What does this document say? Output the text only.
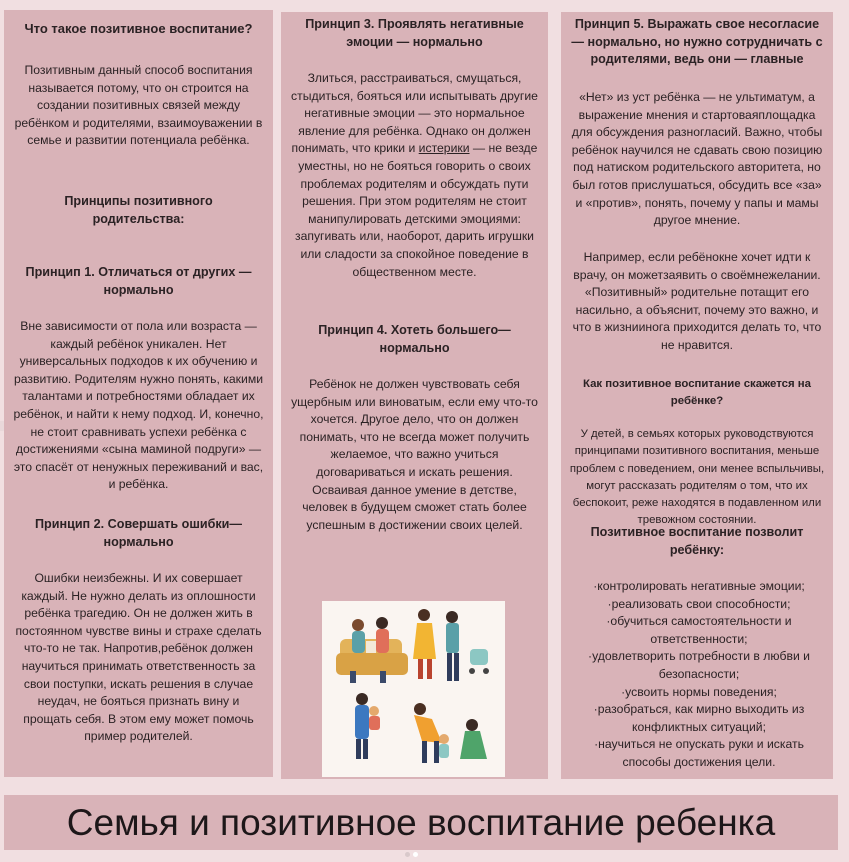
Что такое позитивное воспитание?
Позитивным данный способ воспитания называется потому, что он строится на создании позитивных связей между ребёнком и родителями, взаимоуважении в семье и развитии потенциала ребёнка.
Принципы позитивного родительства:
Принцип 1. Отличаться от других — нормально
Вне зависимости от пола или возраста — каждый ребёнок уникален. Нет универсальных подходов к их обучению и развитию. Родителям нужно понять, какими талантами и потребностями обладает их ребёнок, и найти к нему подход. И, конечно, не стоит сравнивать успехи ребёнка с достижениями «сына маминой подруги» — это спасёт от ненужных переживаний и вас, и ребёнка.
Принцип 2. Совершать ошибки— нормально
Ошибки неизбежны. И их совершает каждый. Не нужно делать из оплошности ребёнка трагедию. Он не должен жить в постоянном чувстве вины и страхе сделать что-то не так. Напротив,ребёнок должен научиться принимать ответственность за свои поступки, искать решения в случае неудач, не бояться признать вину и прощать себя. В этом ему может помочь пример родителей.
Принцип 3. Проявлять негативные эмоции — нормально
Злиться, расстраиваться, смущаться, стыдиться, бояться или испытывать другие негативные эмоции — это нормальное явление для ребёнка. Однако он должен понимать, что крики и истерики — не везде уместны, но не бояться говорить о своих проблемах родителям и обсуждать пути решения. При этом родителям не стоит манипулировать детскими эмоциями: запугивать или, наоборот, дарить игрушки или сладости за спокойное поведение в общественном месте.
Принцип 4. Хотеть большего— нормально
Ребёнок не должен чувствовать себя ущербным или виноватым, если ему что-то хочется. Другое дело, что он должен понимать, что не всегда может получить желаемое, что важно учиться договариваться и искать решения. Осваивая данное умение в детстве, человек в будущем сможет стать более успешным в достижении своих целей.
Принцип 5. Выражать свое несогласие — нормально, но нужно сотрудничать с родителями, ведь они — главные
«Нет» из уст ребёнка — не ультиматум, а выражение мнения и стартоваяплощадка для обсуждения разногласий. Важно, чтобы ребёнок научился не сдавать свою позицию под натиском родительского авторитета, но был готов прислушаться, обсудить все «за» и «против», понять, почему у папы и мамы другое мнение.
Например, если ребёнокне хочет идти к врачу, он можетзаявить о своёмнежелании. «Позитивный» родительне потащит его насильно, а объяснит, почему это важно, и что в жизниинога приходится делать то, что не нравится.
Как позитивное воспитание скажется на ребёнке?
У детей, в семьях которых руководствуются принципами позитивного воспитания, меньше проблем с поведением, они менее вспыльчивы, могут рассказать родителям о том, что их беспокоит, реже находятся в подавленном или тревожном состоянии.
Позитивное воспитание позволит ребёнку:

·контролировать негативные эмоции;

·реализовать свои способности;

·обучиться самостоятельности и ответственности;

·удовлетворить потребности в любви и безопасности;

·усвоить нормы поведения;

·разобраться, как мирно выходить из конфликтных ситуаций;

·научиться не опускать руки и искать способы достижения цели.

Семья и позитивное воспитание ребенка
